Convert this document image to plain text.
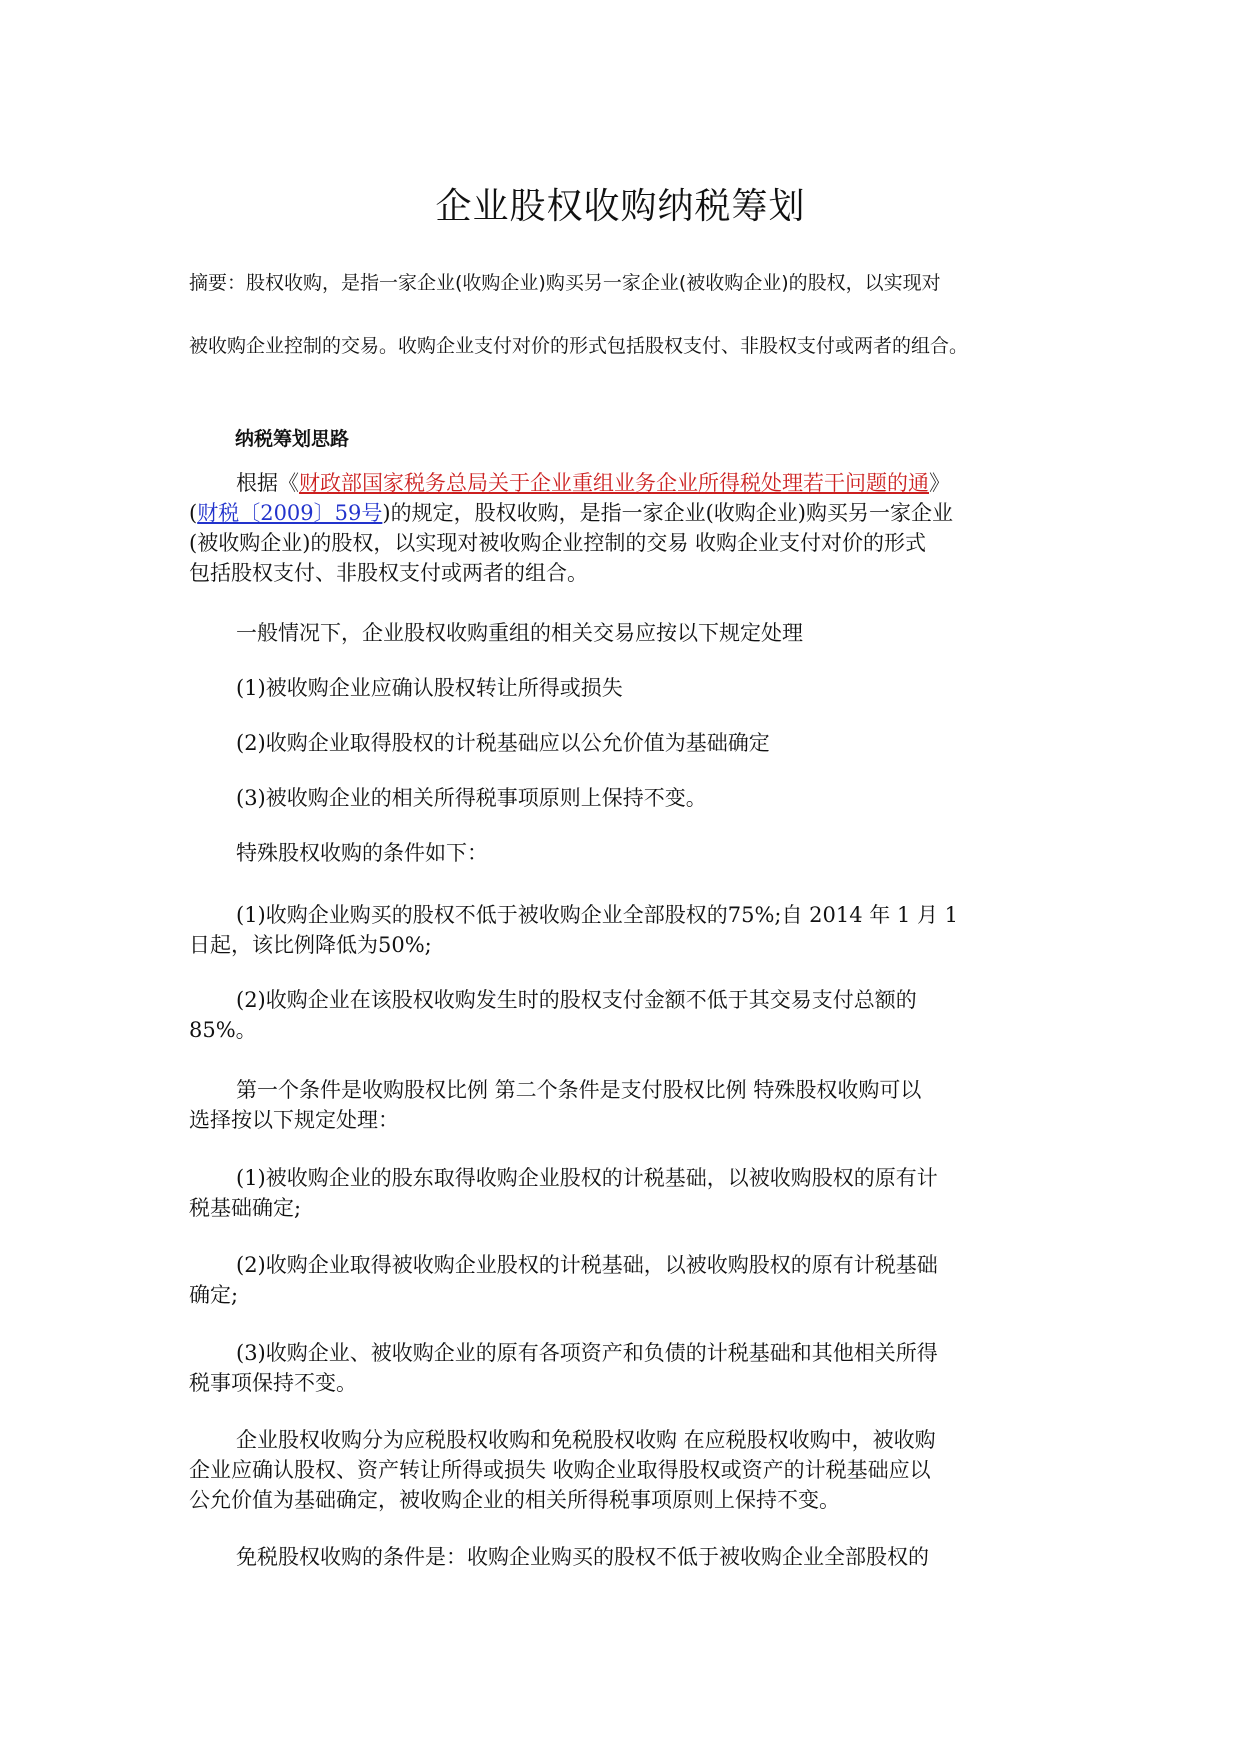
企业股权收购纳税筹划
摘要：股权收购，是指一家企业(收购企业)购买另一家企业(被收购企业)的股权，以实现对
被收购企业控制的交易。收购企业支付对价的形式包括股权支付、非股权支付或两者的组合。
纳税筹划思路
根据《财政部国家税务总局关于企业重组业务企业所得税处理若干问题的通》
(财税〔2009〕59号)的规定，股权收购，是指一家企业(收购企业)购买另一家企业
(被收购企业)的股权，以实现对被收购企业控制的交易 收购企业支付对价的形式
包括股权支付、非股权支付或两者的组合。
一般情况下，企业股权收购重组的相关交易应按以下规定处理
(1)被收购企业应确认股权转让所得或损失
(2)收购企业取得股权的计税基础应以公允价值为基础确定
(3)被收购企业的相关所得税事项原则上保持不变。
特殊股权收购的条件如下：
(1)收购企业购买的股权不低于被收购企业全部股权的75%;自 2014 年 1 月 1
日起，该比例降低为50%;
(2)收购企业在该股权收购发生时的股权支付金额不低于其交易支付总额的
85%。
第一个条件是收购股权比例 第二个条件是支付股权比例 特殊股权收购可以
选择按以下规定处理：
(1)被收购企业的股东取得收购企业股权的计税基础，以被收购股权的原有计
税基础确定;
(2)收购企业取得被收购企业股权的计税基础，以被收购股权的原有计税基础
确定;
(3)收购企业、被收购企业的原有各项资产和负债的计税基础和其他相关所得
税事项保持不变。
企业股权收购分为应税股权收购和免税股权收购 在应税股权收购中，被收购
企业应确认股权、资产转让所得或损失 收购企业取得股权或资产的计税基础应以
公允价值为基础确定，被收购企业的相关所得税事项原则上保持不变。
免税股权收购的条件是：收购企业购买的股权不低于被收购企业全部股权的
